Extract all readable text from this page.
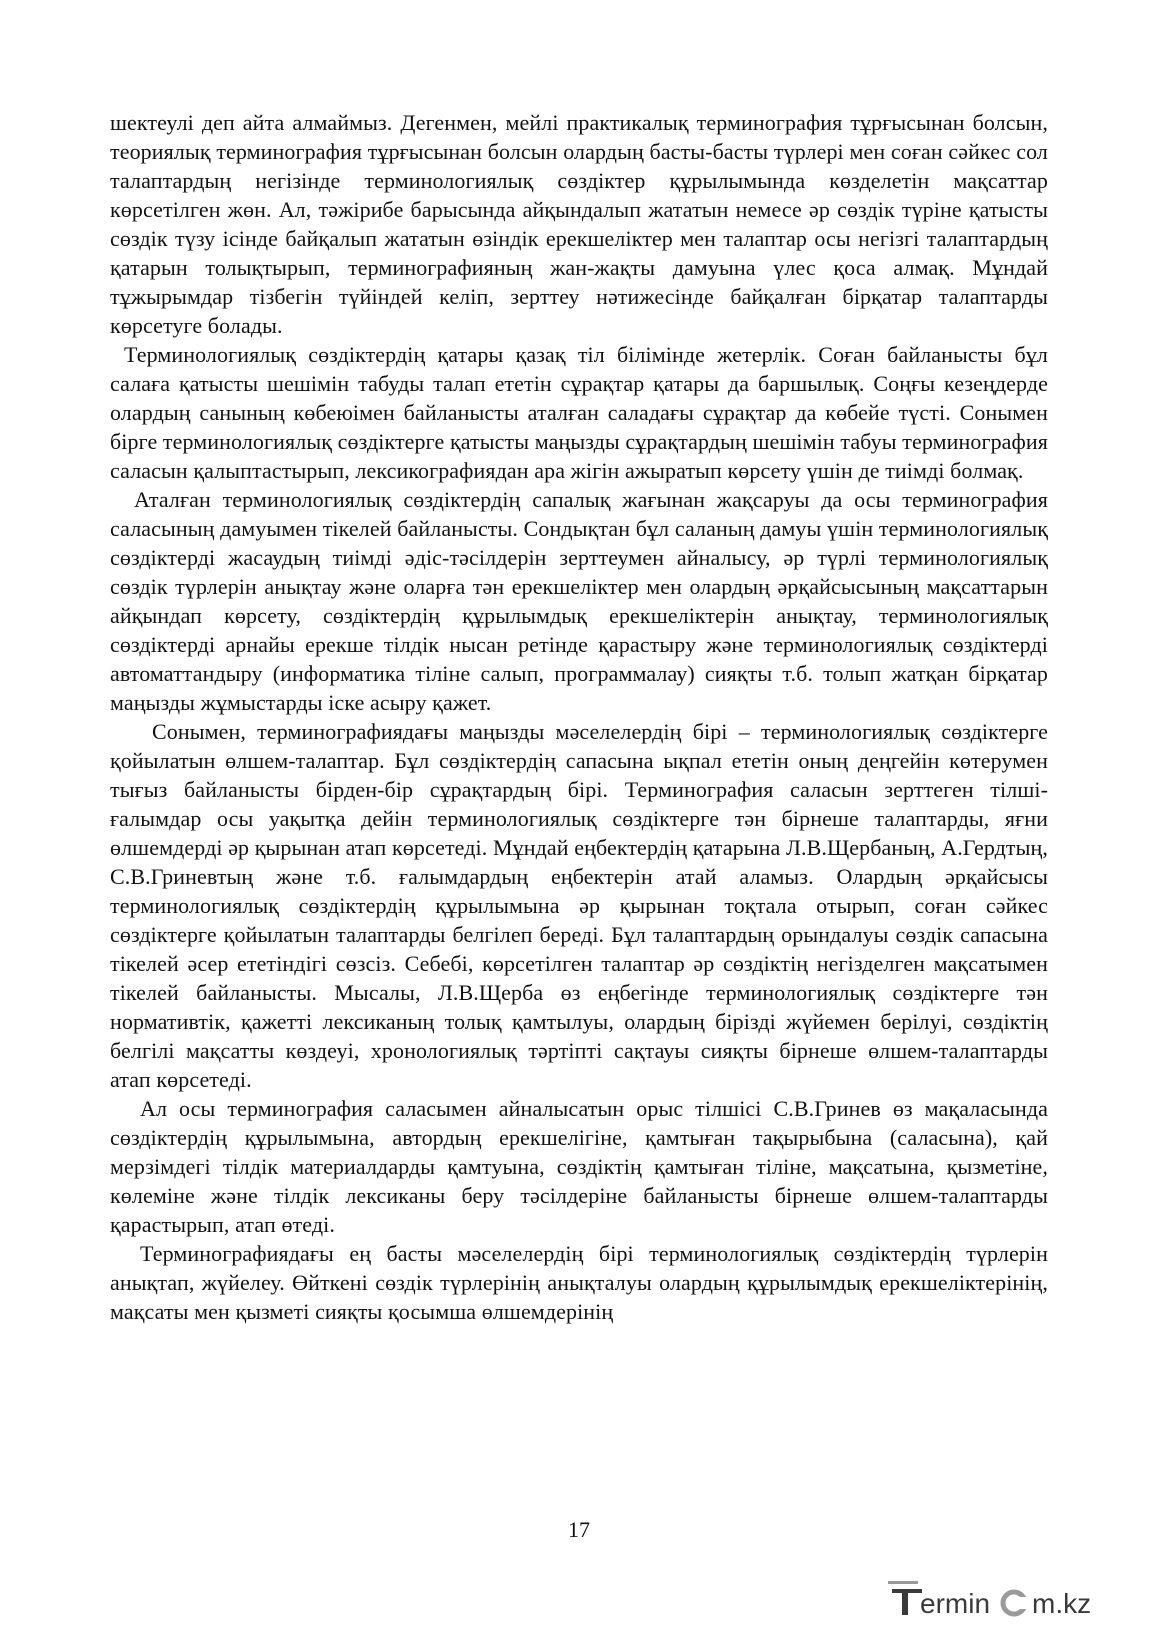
шектеулі деп айта алмаймыз. Дегенмен, мейлі практикалық терминография тұрғысынан болсын, теориялық терминография тұрғысынан болсын олардың басты-басты түрлері мен соған сәйкес сол талаптардың негізінде терминологиялық сөздіктер құрылымында көзделетін мақсаттар көрсетілген жөн. Ал, тәжірибе барысында айқындалып жататын немесе әр сөздік түріне қатысты сөздік түзу ісінде байқалып жататын өзіндік ерекшеліктер мен талаптар осы негізгі талаптардың қатарын толықтырып, терминографияның жан-жақты дамуына үлес қоса алмақ. Мұндай тұжырымдар тізбегін түйіндей келіп, зерттеу нәтижесінде байқалған бірқатар талаптарды көрсетуге болады.

Терминологиялық сөздіктердің қатары қазақ тіл білімінде жетерлік. Соған байланысты бұл салаға қатысты шешімін табуды талап ететін сұрақтар қатары да баршылық. Соңғы кезеңдерде олардың санының көбеюімен байланысты аталған саладағы сұрақтар да көбейе түсті. Сонымен бірге терминологиялық сөздіктерге қатысты маңызды сұрақтардың шешімін табуы терминография саласын қалыптастырып, лексикографиядан ара жігін ажыратып көрсету үшін де тиімді болмақ.

Аталған терминологиялық сөздіктердің сапалық жағынан жақсаруы да осы терминография саласының дамуымен тікелей байланысты. Сондықтан бұл саланың дамуы үшін терминологиялық сөздіктерді жасаудың тиімді әдіс-тәсілдерін зерттеумен айналысу, әр түрлі терминологиялық сөздік түрлерін анықтау және оларға тән ерекшеліктер мен олардың әрқайсысының мақсаттарын айқындап көрсету, сөздіктердің құрылымдық ерекшеліктерін анықтау, терминологиялық сөздіктерді арнайы ерекше тілдік нысан ретінде қарастыру және терминологиялық сөздіктерді автоматтандыру (информатика тіліне салып, программалау) сияқты т.б. толып жатқан бірқатар маңызды жұмыстарды іске асыру қажет.

Сонымен, терминографиядағы маңызды мәселелердің бірі – терминологиялық сөздіктерге қойылатын өлшем-талаптар. Бұл сөздіктердің сапасына ықпал ететін оның деңгейін көтерумен тығыз байланысты бірден-бір сұрақтардың бірі. Терминография саласын зерттеген тілші-ғалымдар осы уақытқа дейін терминологиялық сөздіктерге тән бірнеше талаптарды, яғни өлшемдерді әр қырынан атап көрсетеді. Мұндай еңбектердің қатарына Л.В.Щербаның, А.Гердтың, С.В.Гриневтың және т.б. ғалымдардың еңбектерін атай аламыз. Олардың әрқайсысы терминологиялық сөздіктердің құрылымына әр қырынан тоқтала отырып, соған сәйкес сөздіктерге қойылатын талаптарды белгілеп береді. Бұл талаптардың орындалуы сөздік сапасына тікелей әсер ететіндігі сөзсіз. Себебі, көрсетілген талаптар әр сөздіктің негізделген мақсатымен тікелей байланысты. Мысалы, Л.В.Щерба өз еңбегінде терминологиялық сөздіктерге тән нормативтік, қажетті лексиканың толық қамтылуы, олардың бірізді жүйемен берілуі, сөздіктің белгілі мақсатты көздеуі, хронологиялық тәртіпті сақтауы сияқты бірнеше өлшем-талаптарды атап көрсетеді.

Ал осы терминография саласымен айналысатын орыс тілшісі С.В.Гринев өз мақаласында сөздіктердің құрылымына, автордың ерекшелігіне, қамтыған тақырыбына (саласына), қай мерзімдегі тілдік материалдарды қамтуына, сөздіктің қамтыған тіліне, мақсатына, қызметіне, көлеміне және тілдік лексиканы беру тәсілдеріне байланысты бірнеше өлшем-талаптарды қарастырып, атап өтеді.

Терминографиядағы ең басты мәселелердің бірі терминологиялық сөздіктердің түрлерін анықтап, жүйелеу. Өйткені сөздік түрлерінің анықталуы олардың құрылымдық ерекшеліктерінің, мақсаты мен қызметі сияқты қосымша өлшемдерінің

17
ermin m.kz
